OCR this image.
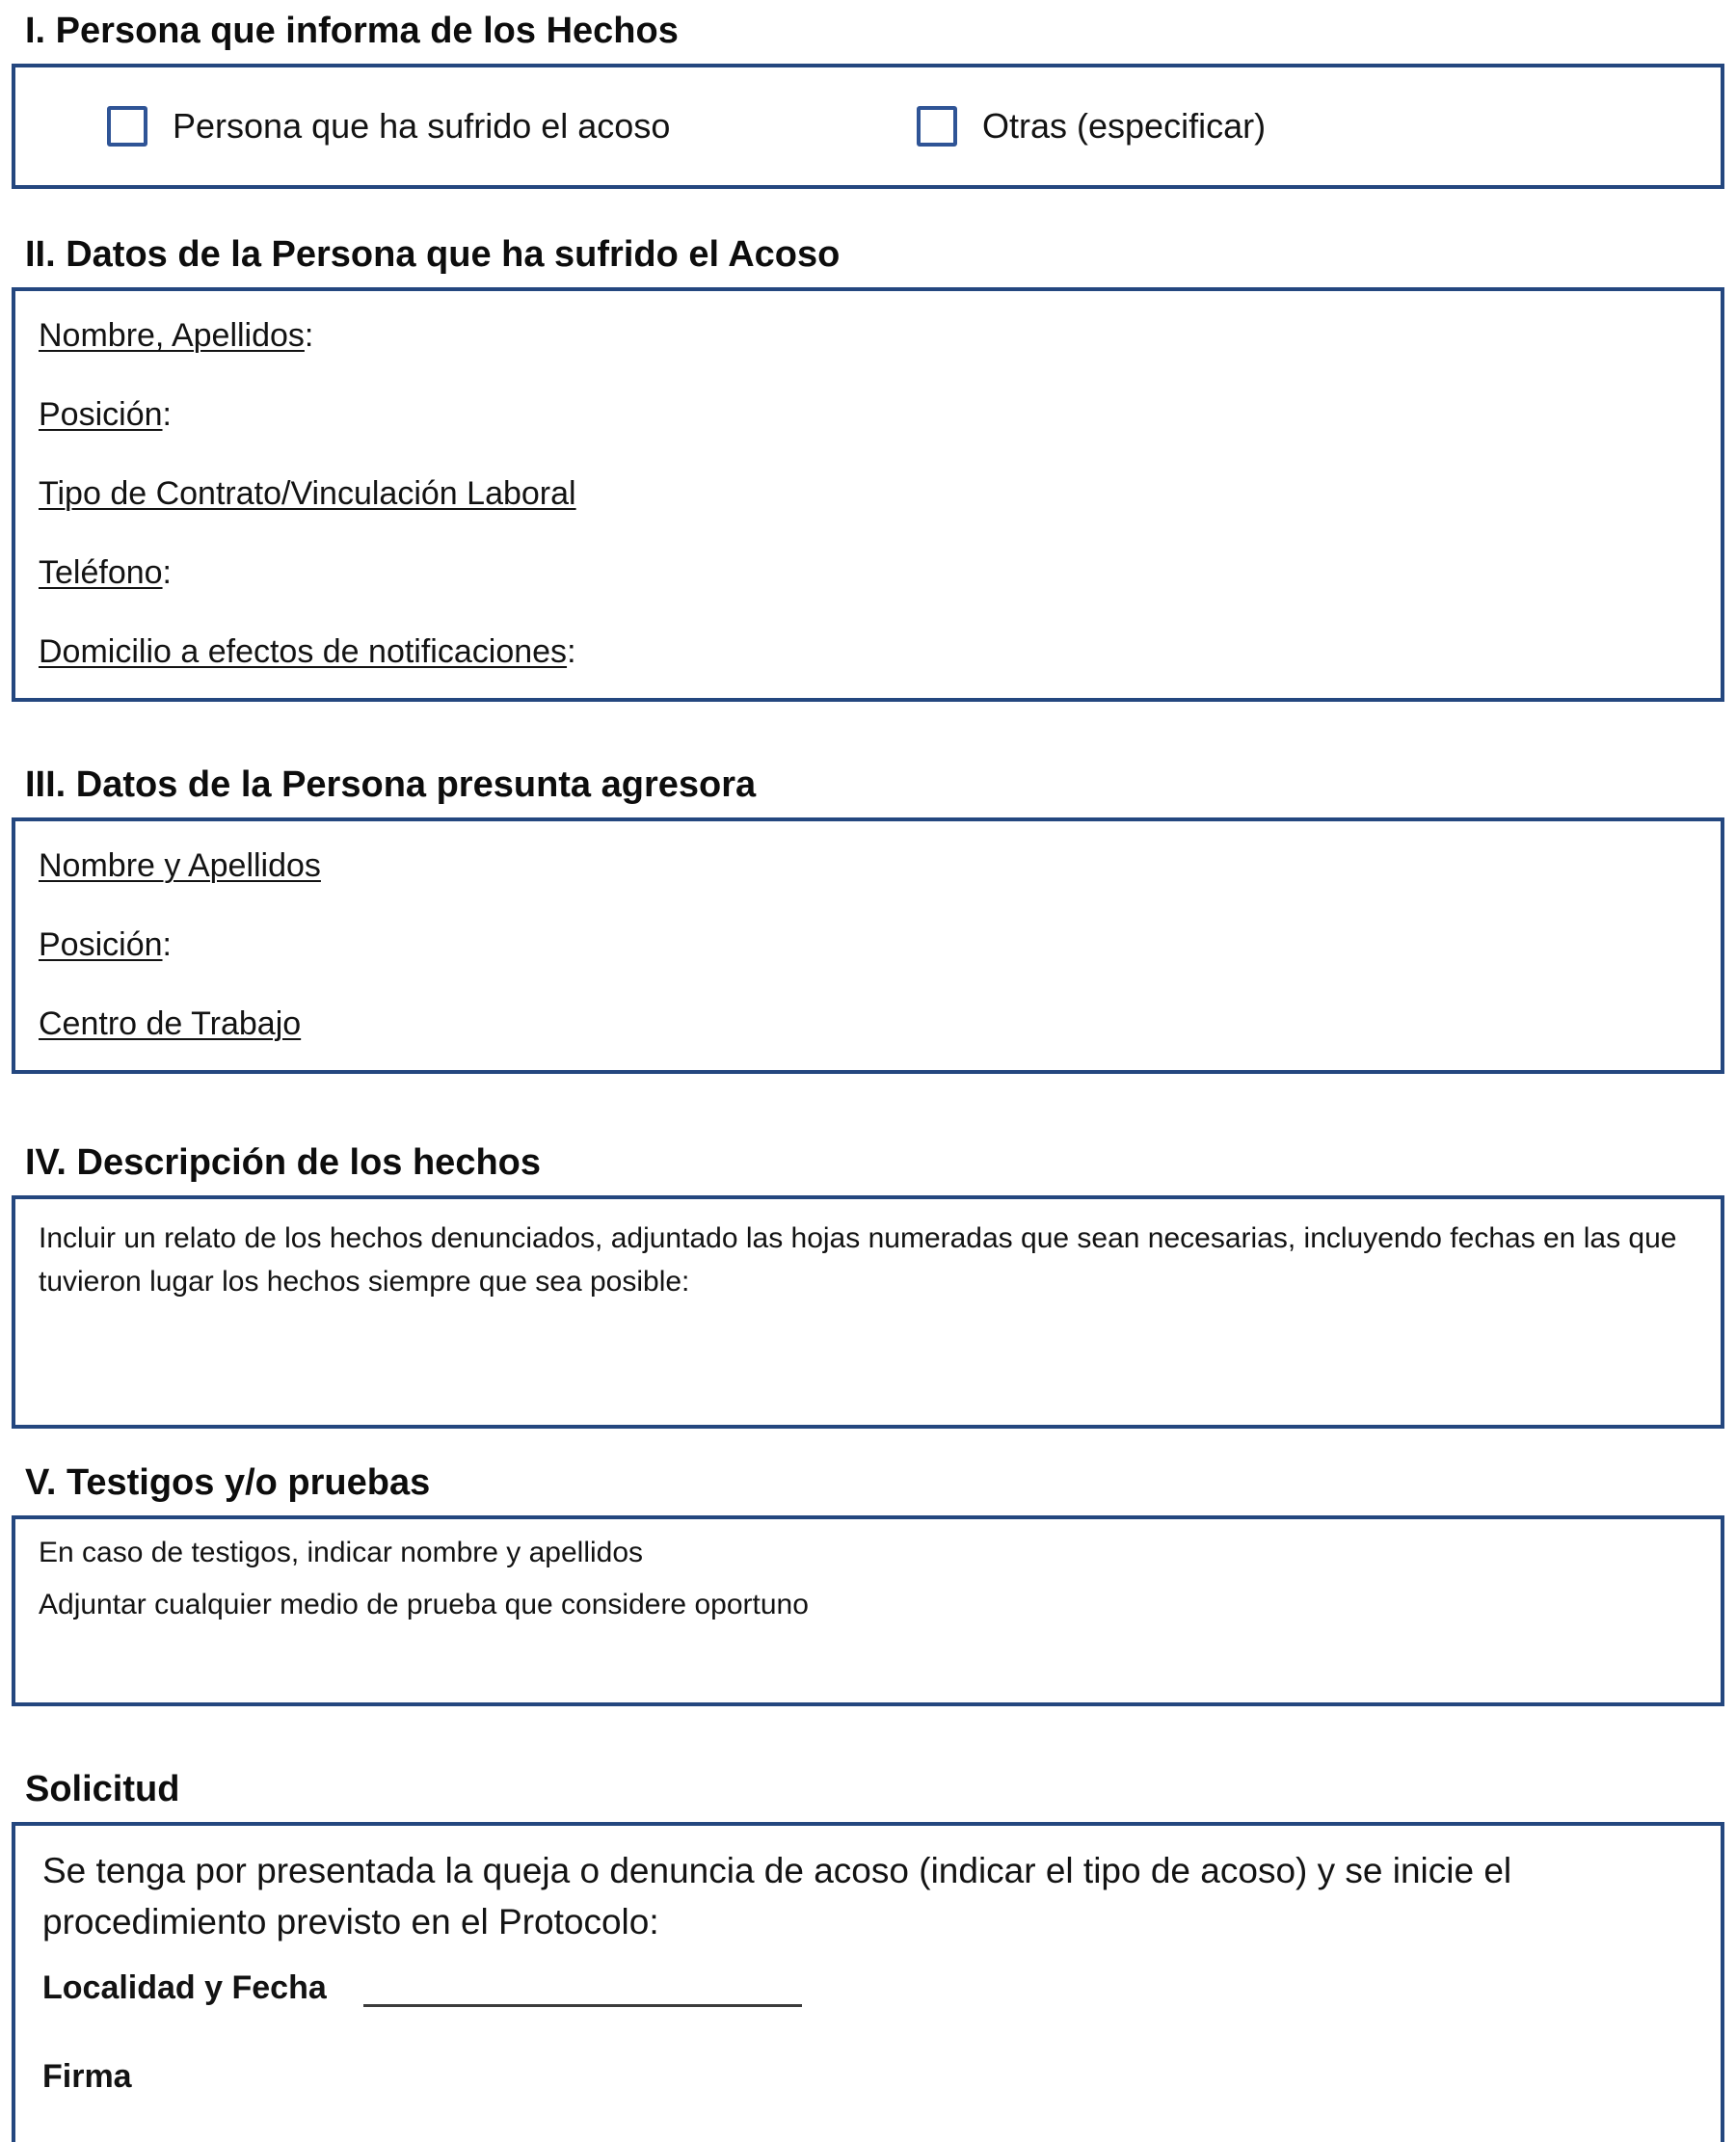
I. Persona que informa de los Hechos
Persona que ha sufrido el acoso	Otras (especificar)
II. Datos de la Persona que ha sufrido el Acoso

Nombre, Apellidos:

Posición:

Tipo de Contrato/Vinculación Laboral

Teléfono:

Domicilio a efectos de notificaciones:

III. Datos de la Persona presunta agresora

Nombre y Apellidos

Posición:

Centro de Trabajo

IV. Descripción de los hechos

Incluir un relato de los hechos denunciados, adjuntado las hojas numeradas que sean necesarias, incluyendo fechas en las que tuvieron lugar los hechos siempre que sea posible:

V. Testigos y/o pruebas

En caso de testigos, indicar nombre y apellidos

Adjuntar cualquier medio de prueba que considere oportuno

Solicitud

Se tenga por presentada la queja o denuncia de acoso (indicar el tipo de acoso) y se inicie el procedimiento previsto en el Protocolo:

Localidad y Fecha
Firma
